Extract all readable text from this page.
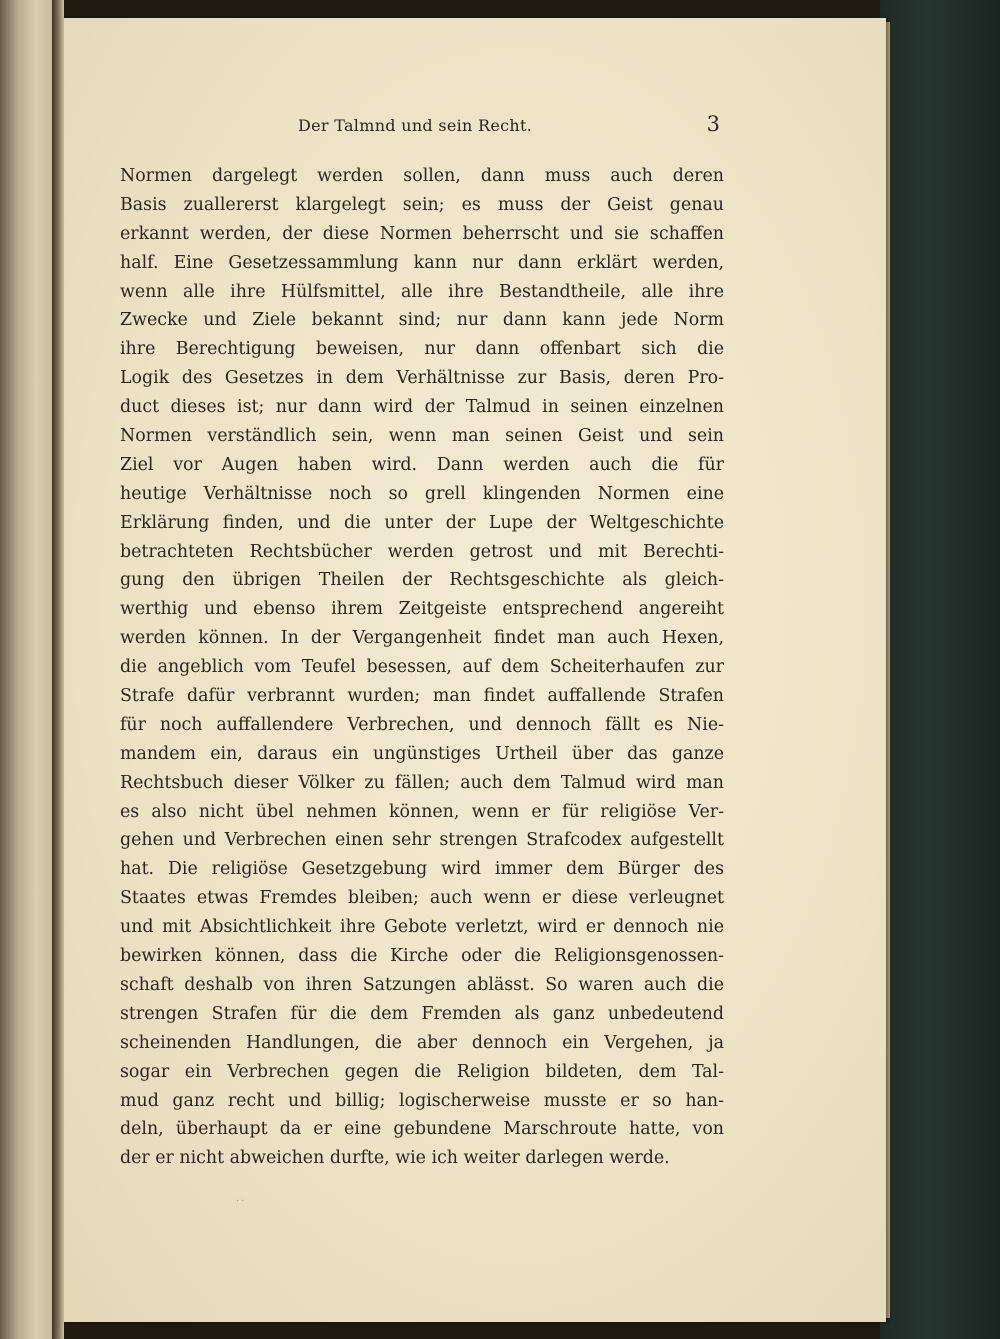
Der Talmnd und sein Recht.	3
Normen dargelegt werden sollen, dann muss auch deren
Basis zuallererst klargelegt sein; es muss der Geist genau
erkannt werden, der diese Normen beherrscht und sie schaffen
half. Eine Gesetzessammlung kann nur dann erklärt werden,
wenn alle ihre Hülfsmittel, alle ihre Bestandtheile, alle ihre
Zwecke und Ziele bekannt sind; nur dann kann jede Norm
ihre Berechtigung beweisen, nur dann offenbart sich die
Logik des Gesetzes in dem Verhältnisse zur Basis, deren Pro-
duct dieses ist; nur dann wird der Talmud in seinen einzelnen
Normen verständlich sein, wenn man seinen Geist und sein
Ziel vor Augen haben wird. Dann werden auch die für
heutige Verhältnisse noch so grell klingenden Normen eine
Erklärung finden, und die unter der Lupe der Weltgeschichte
betrachteten Rechtsbücher werden getrost und mit Berechti-
gung den übrigen Theilen der Rechtsgeschichte als gleich-
werthig und ebenso ihrem Zeitgeiste entsprechend angereiht
werden können. In der Vergangenheit findet man auch Hexen,
die angeblich vom Teufel besessen, auf dem Scheiterhaufen zur
Strafe dafür verbrannt wurden; man findet auffallende Strafen
für noch auffallendere Verbrechen, und dennoch fällt es Nie-
mandem ein, daraus ein ungünstiges Urtheil über das ganze
Rechtsbuch dieser Völker zu fällen; auch dem Talmud wird man
es also nicht übel nehmen können, wenn er für religiöse Ver-
gehen und Verbrechen einen sehr strengen Strafcodex aufgestellt
hat. Die religiöse Gesetzgebung wird immer dem Bürger des
Staates etwas Fremdes bleiben; auch wenn er diese verleugnet
und mit Absichtlichkeit ihre Gebote verletzt, wird er dennoch nie
bewirken können, dass die Kirche oder die Religionsgenossen-
schaft deshalb von ihren Satzungen ablässt. So waren auch die
strengen Strafen für die dem Fremden als ganz unbedeutend
scheinenden Handlungen, die aber dennoch ein Vergehen, ja
sogar ein Verbrechen gegen die Religion bildeten, dem Tal-
mud ganz recht und billig; logischerweise musste er so han-
deln, überhaupt da er eine gebundene Marschroute hatte, von
der er nicht abweichen durfte, wie ich weiter darlegen werde.
··
